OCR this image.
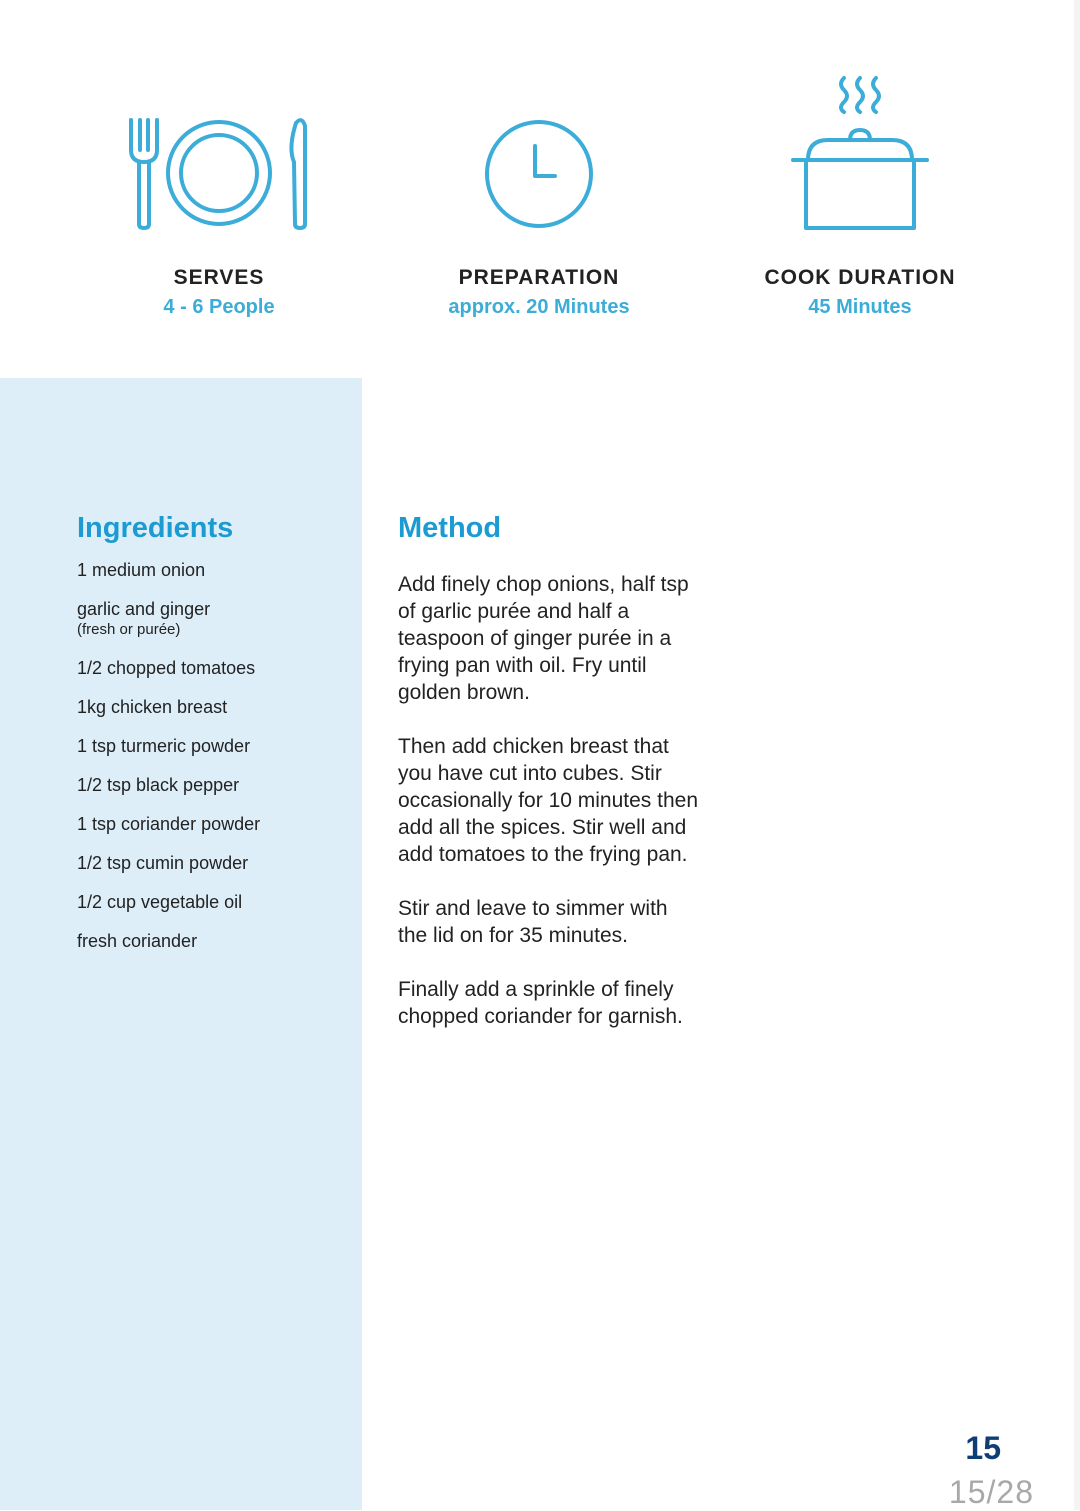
SERVES
4 - 6 People
PREPARATION
approx. 20 Minutes
COOK DURATION
45 Minutes
Ingredients
1 medium onion
garlic and ginger
(fresh or purée)
1/2 chopped tomatoes
1kg chicken breast
1 tsp turmeric powder
1/2 tsp black pepper
1 tsp coriander powder
1/2 tsp cumin powder
1/2 cup vegetable oil
fresh coriander
Method

Add finely chop onions, half tsp of garlic purée and half a teaspoon of ginger purée in a frying pan with oil. Fry until golden brown.

Then add chicken breast that you have cut into cubes. Stir occasionally for 10 minutes then add all the spices. Stir well and add tomatoes to the frying pan.

Stir and leave to simmer with the lid on for 35 minutes.

Finally add a sprinkle of finely chopped coriander for garnish.

15
15/28
